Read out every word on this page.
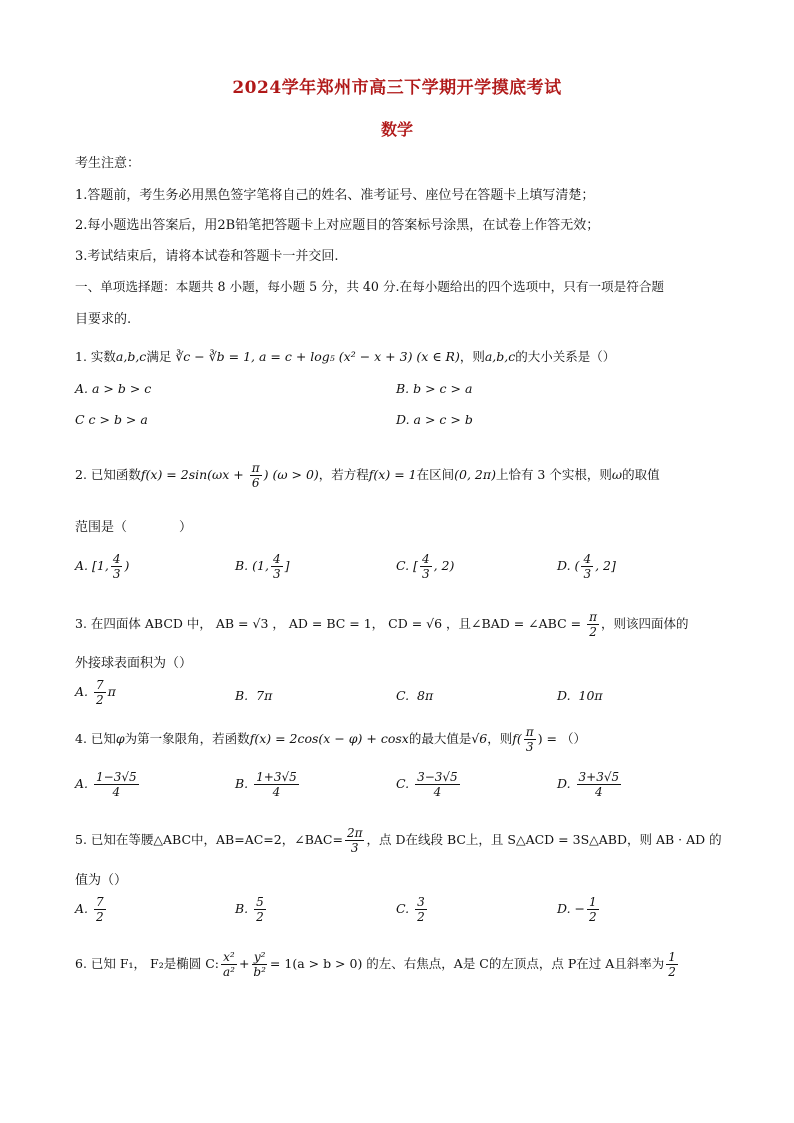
2024学年郑州市高三下学期开学摸底考试
数学
考生注意：
1.答题前，考生务必用黑色签字笔将自己的姓名、准考证号、座位号在答题卡上填写清楚；
2.每小题选出答案后，用2B铅笔把答题卡上对应题目的答案标号涂黑，在试卷上作答无效；
3.考试结束后，请将本试卷和答题卡一并交回.
一、单项选择题：本题共 8 小题，每小题 5 分，共 40 分.在每小题给出的四个选项中，只有一项是符合题
目要求的.
1. 实数a,b,c满足 ∛c − ∛b = 1, a = c + log₅ (x² − x + 3) (x ∈ R)，则a,b,c的大小关系是（）
A. a > b > c	B. b > c > a
C c > b > a	D. a > c > b
2. 已知函数$f(x) = 2\sin(\omega x + \frac{\pi}{6}$ ) (ω > 0)，若方程f(x) = 1在区间(0, 2π)上恰有 3 个实根，则ω的取值
范围是（　　　　）
A. [1, $\frac{4}{3}$ )	B. (1, $\frac{4}{3}$ ]	C. [ $\frac{4}{3}$ , 2)	D. ( $\frac{4}{3}$ , 2]
3. 在四面体 ABCD 中， AB = √3 ， AD = BC = 1， CD = √6 ，且∠BAD = ∠ABC = $\frac{\pi}{2}$ ，则该四面体的
外接球表面积为（）
A. $\frac{7}{2}$ π	B. 7π	C. 8π	D. 10π
4. 已知φ为第一象限角，若函数f(x) = 2cos(x − φ) + cosx的最大值是√6，则$f( \frac{\pi}{3}$ ) = （）
A. $\frac{1-3√5}{4}$	B. $\frac{1+3√5}{4}$	C. $\frac{3-3√5}{4}$	D. $\frac{3+3√5}{4}$
5. 已知在等腰△ABC中，AB=AC=2，∠BAC= $\frac{2\pi}{3}$ ，点 D在线段 BC上，且 S△ACD = 3S△ABD，则 AB · AD 的
值为（）
A. $\frac{7}{2}$	B. $\frac{5}{2}$	C. $\frac{3}{2}$	D. − $\frac{1}{2}$
6. 已知 F₁， F₂是椭圆 C: $\frac{\text{x²}}{\text{a²}} + \frac{\text{y²}}{\text{b²}} = 1(a > b > 0)$ 的左、右焦点，A是 C的左顶点，点 P在过 A且斜率为 $\frac{1}{2}$
